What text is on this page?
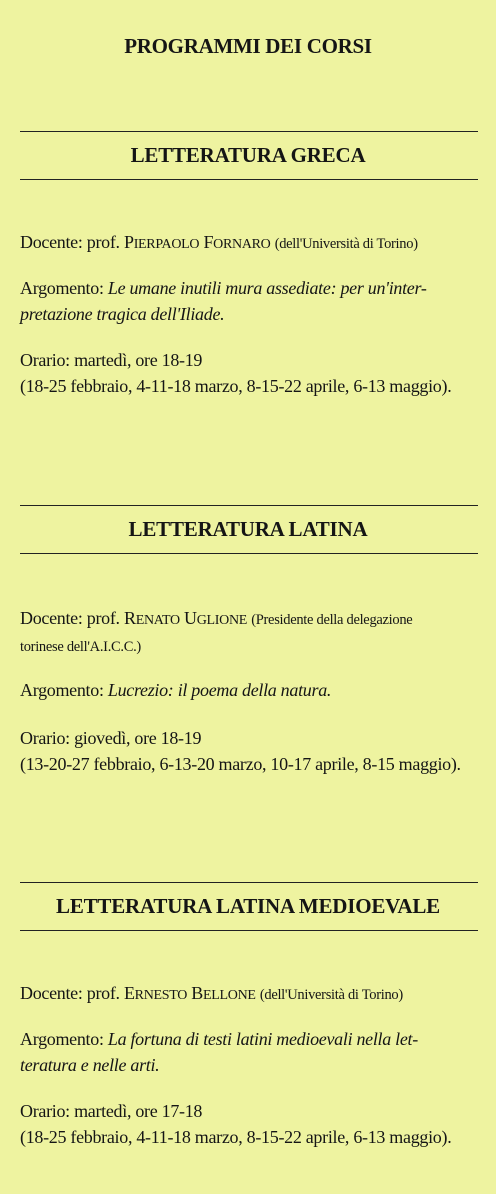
PROGRAMMI DEI CORSI
LETTERATURA GRECA

Docente: prof. PIERPAOLO FORNARO (dell'Università di Torino)

Argomento: Le umane inutili mura assediate: per un'inter-
pretazione tragica dell'Iliade.

Orario: martedì, ore 18-19
(18-25 febbraio, 4-11-18 marzo, 8-15-22 aprile, 6-13 maggio).

LETTERATURA LATINA

Docente: prof. RENATO UGLIONE (Presidente della delegazione
torinese dell'A.I.C.C.)

Argomento: Lucrezio: il poema della natura.

Orario: giovedì, ore 18-19
(13-20-27 febbraio, 6-13-20 marzo, 10-17 aprile, 8-15 maggio).

LETTERATURA LATINA MEDIOEVALE

Docente: prof. ERNESTO BELLONE (dell'Università di Torino)

Argomento: La fortuna di testi latini medioevali nella let-
teratura e nelle arti.

Orario: martedì, ore 17-18
(18-25 febbraio, 4-11-18 marzo, 8-15-22 aprile, 6-13 maggio).
